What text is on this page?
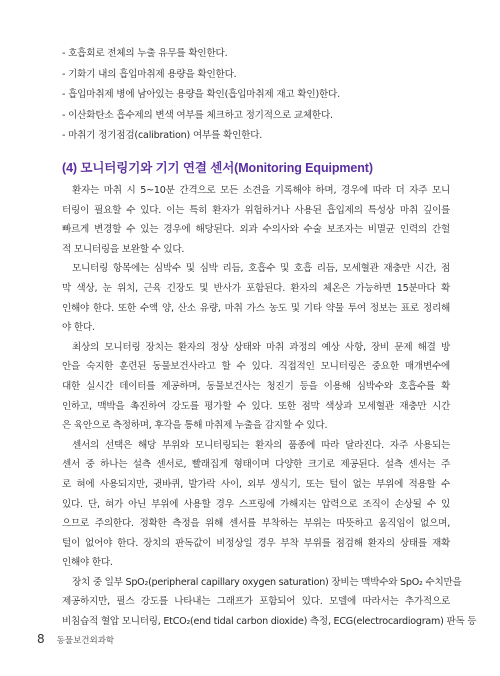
- 호흡회로 전체의 누출 유무를 확인한다.
- 기화기 내의 흡입마취제 용량을 확인한다.
- 흡입마취제 병에 남아있는 용량을 확인(흡입마취제 재고 확인)한다.
- 이산화탄소 흡수제의 변색 여부를 체크하고 정기적으로 교체한다.
- 마취기 정기점검(calibration) 여부를 확인한다.
(4) 모니터링기와 기기 연결 센서(Monitoring Equipment)

환자는 마취 시 5~10분 간격으로 모든 소견을 기록해야 하며, 경우에 따라 더 자주 모니
터링이 필요할 수 있다. 이는 특히 환자가 위험하거나 사용된 흡입제의 특성상 마취 깊이를
빠르게 변경할 수 있는 경우에 해당된다. 외과 수의사와 수술 보조자는 비멸균 인력의 간헐
적 모니터링을 보완할 수 있다.

모니터링 항목에는 심박수 및 심박 리듬, 호흡수 및 호흡 리듬, 모세혈관 재충만 시간, 점
막 색상, 눈 위치, 근육 긴장도 및 반사가 포함된다. 환자의 체온은 가능하면 15분마다 확
인해야 한다. 또한 수액 양, 산소 유량, 마취 가스 농도 및 기타 약물 투여 정보는 표로 정리해
야 한다.

최상의 모니터링 장치는 환자의 정상 상태와 마취 과정의 예상 사항, 장비 문제 해결 방
안을 숙지한 훈련된 동물보건사라고 할 수 있다. 직접적인 모니터링은 중요한 매개변수에
대한 실시간 데이터를 제공하며, 동물보건사는 청진기 등을 이용해 심박수와 호흡수를 확
인하고, 맥박을 촉진하여 강도를 평가할 수 있다. 또한 점막 색상과 모세혈관 재충만 시간
은 육안으로 측정하며, 후각을 통해 마취제 누출을 감지할 수 있다.

센서의 선택은 해당 부위와 모니터링되는 환자의 품종에 따라 달라진다. 자주 사용되는
센서 중 하나는 설측 센서로, 빨래집게 형태이며 다양한 크기로 제공된다. 설측 센서는 주
로 혀에 사용되지만, 귓바퀴, 발가락 사이, 외부 생식기, 또는 털이 없는 부위에 적용할 수
있다. 단, 혀가 아닌 부위에 사용할 경우 스프링에 가해지는 압력으로 조직이 손상될 수 있
으므로 주의한다. 정확한 측정을 위해 센서를 부착하는 부위는 따뜻하고 움직임이 없으며,
털이 없어야 한다. 장치의 판독값이 비정상일 경우 부착 부위를 점검해 환자의 상태를 재확
인해야 한다.

장치 중 일부 SpO₂(peripheral capillary oxygen saturation) 장비는 맥박수와 SpO₂ 수치만을
제공하지만, 필스 강도를 나타내는 그래프가 포함되어 있다. 모델에 따라서는 추가적으로
비침습적 혈압 모니터링, EtCO₂(end tidal carbon dioxide) 측정, ECG(electrocardiogram) 판독 등

8 동물보건외과학
